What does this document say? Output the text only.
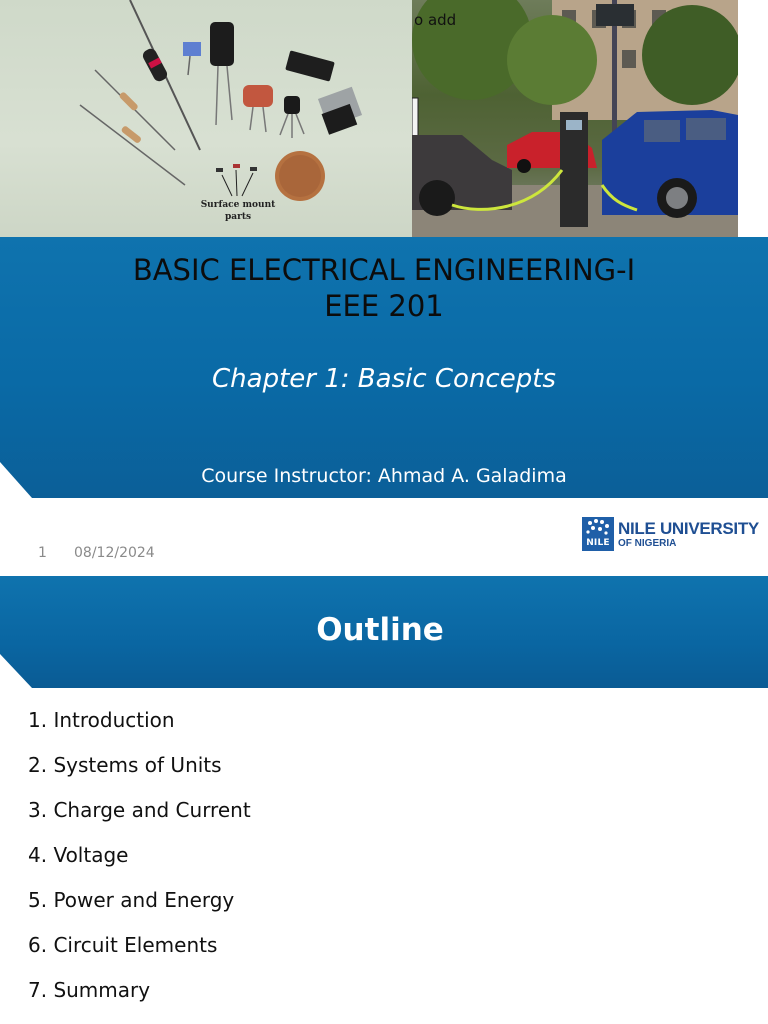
Surface mount
parts
o add
BASIC ELECTRICAL ENGINEERING-I
EEE 201
Chapter 1: Basic Concepts
Course Instructor: Ahmad A. Galadima
1 08/12/2024
NILE
NILE UNIVERSITY
OF NIGERIA
Outline
1. Introduction
2. Systems of Units
3. Charge and Current
4. Voltage
5. Power and Energy
6. Circuit Elements
7. Summary
